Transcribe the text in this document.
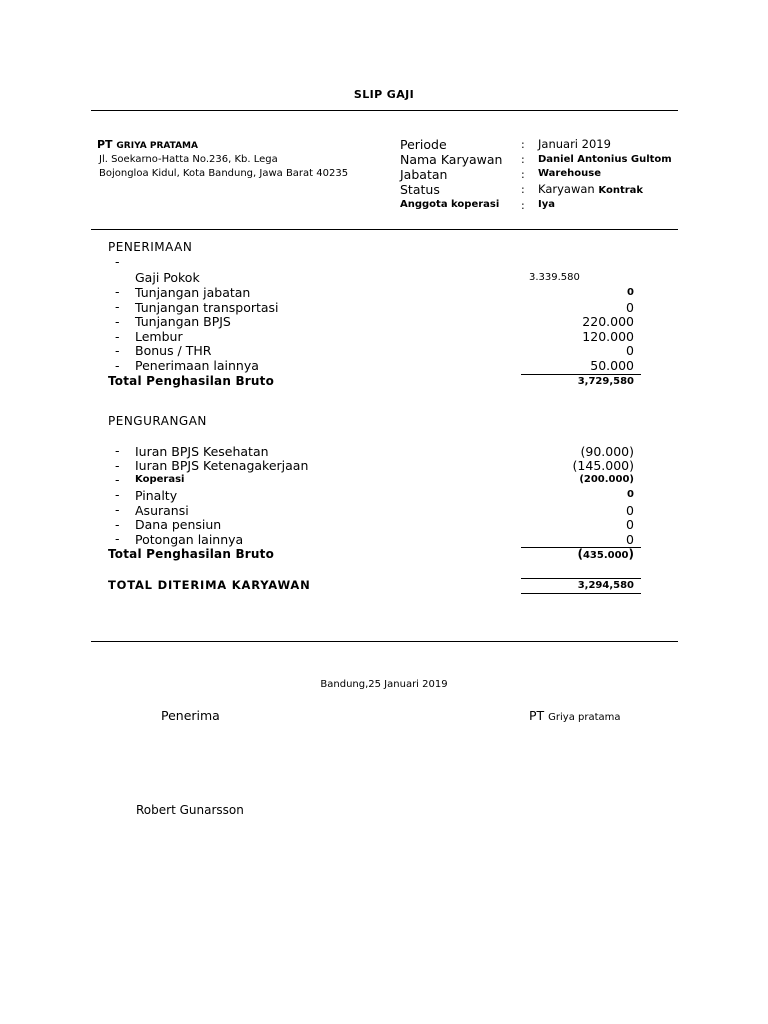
SLIP GAJI
PT GRIYA PRATAMA
Jl. Soekarno-Hatta No.236, Kb. Lega
Bojongloa Kidul, Kota Bandung, Jawa Barat 40235
Periode	: Januari 2019
Nama Karyawan : Daniel Antonius Gultom
Jabatan	: Warehouse
Status	: Karyawan Kontrak
Anggota koperasi : Iya
PENERIMAAN
-
Gaji Pokok	3.339.580
- Tunjangan jabatan	0
- Tunjangan transportasi	0
- Tunjangan BPJS	220.000
- Lembur	120.000
- Bonus / THR	0
- Penerimaan lainnya	50.000
Total Penghasilan Bruto	3,729,580
PENGURANGAN
- Iuran BPJS Kesehatan	(90.000)
- Iuran BPJS Ketenagakerjaan	(145.000)
- Koperasi	(200.000)
- Pinalty	0
- Asuransi	0
- Dana pensiun	0
- Potongan lainnya	0
Total Penghasilan Bruto	(435.000)
TOTAL DITERIMA KARYAWAN	3,294,580
Bandung,25 Januari 2019
Penerima	PT Griya pratama
Robert Gunarsson
